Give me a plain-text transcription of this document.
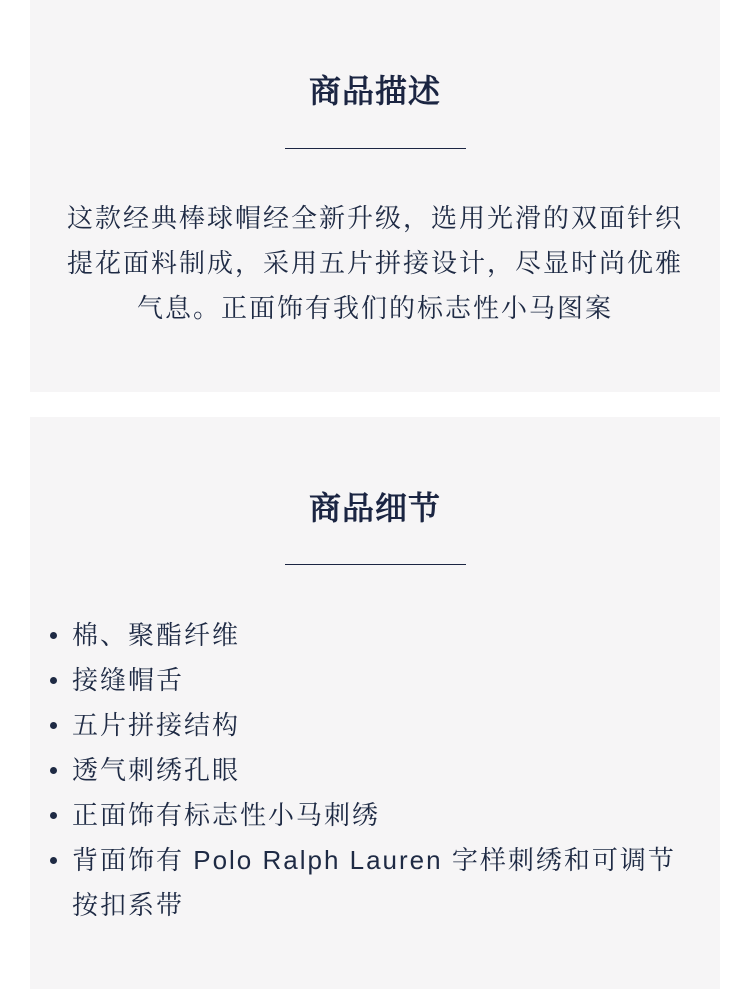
商品描述
这款经典棒球帽经全新升级，选用光滑的双面针织提花面料制成，采用五片拼接设计，尽显时尚优雅气息。正面饰有我们的标志性小马图案
商品细节
棉、聚酯纤维
接缝帽舌
五片拼接结构
透气刺绣孔眼
正面饰有标志性小马刺绣
背面饰有 Polo Ralph Lauren 字样刺绣和可调节按扣系带
